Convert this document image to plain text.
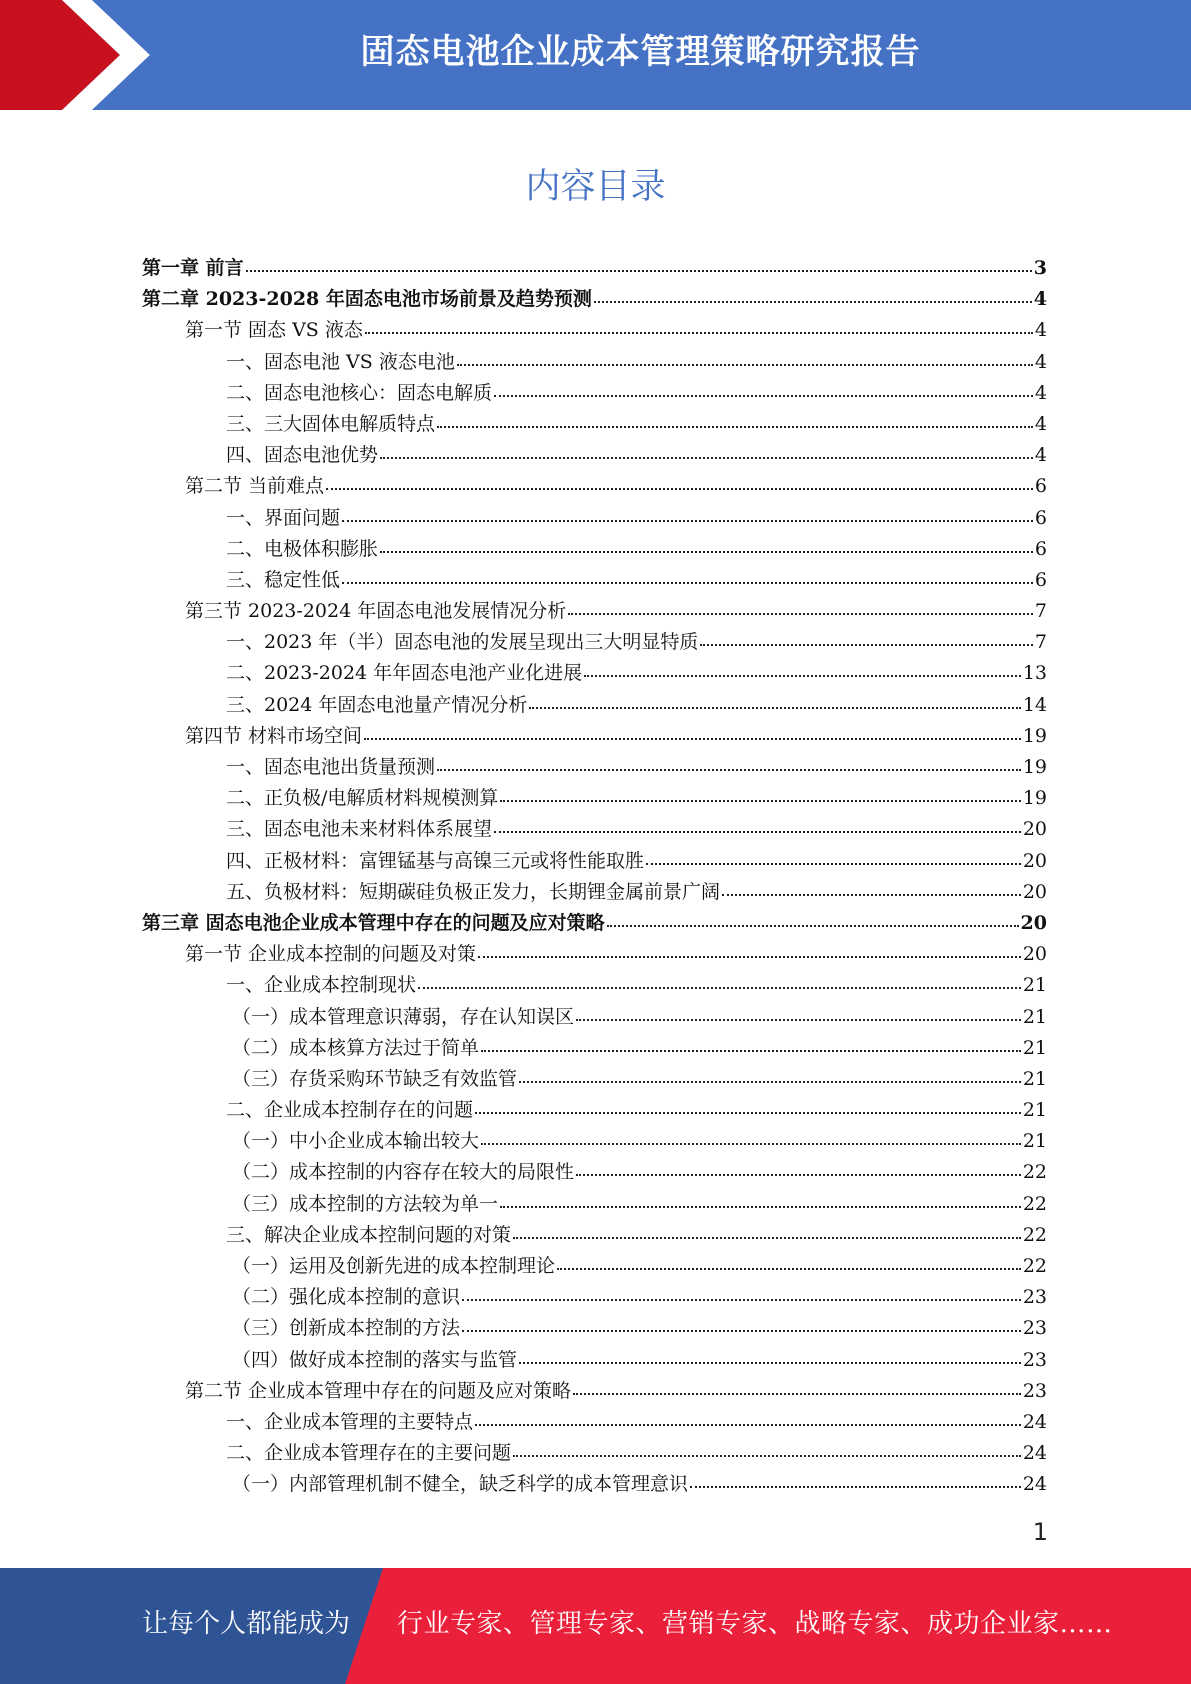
固态电池企业成本管理策略研究报告
内容目录
第一章 前言	3
第二章 2023-2028 年固态电池市场前景及趋势预测	4
第一节 固态 VS 液态	4
一、固态电池 VS 液态电池	4
二、固态电池核心：固态电解质	4
三、三大固体电解质特点	4
四、固态电池优势	4
第二节 当前难点	6
一、界面问题	6
二、电极体积膨胀	6
三、稳定性低	6
第三节 2023-2024 年固态电池发展情况分析	7
一、2023 年（半）固态电池的发展呈现出三大明显特质	7
二、2023-2024 年年固态电池产业化进展	13
三、2024 年固态电池量产情况分析	14
第四节 材料市场空间	19
一、固态电池出货量预测	19
二、正负极/电解质材料规模测算	19
三、固态电池未来材料体系展望	20
四、正极材料：富锂锰基与高镍三元或将性能取胜	20
五、负极材料：短期碳硅负极正发力，长期锂金属前景广阔	20
第三章 固态电池企业成本管理中存在的问题及应对策略	20
第一节 企业成本控制的问题及对策	20
一、企业成本控制现状	21
（一）成本管理意识薄弱，存在认知误区	21
（二）成本核算方法过于简单	21
（三）存货采购环节缺乏有效监管	21
二、企业成本控制存在的问题	21
（一）中小企业成本输出较大	21
（二）成本控制的内容存在较大的局限性	22
（三）成本控制的方法较为单一	22
三、解决企业成本控制问题的对策	22
（一）运用及创新先进的成本控制理论	22
（二）强化成本控制的意识	23
（三）创新成本控制的方法	23
（四）做好成本控制的落实与监管	23
第二节 企业成本管理中存在的问题及应对策略	23
一、企业成本管理的主要特点	24
二、企业成本管理存在的主要问题	24
（一）内部管理机制不健全，缺乏科学的成本管理意识	24
1
让每个人都能成为 行业专家、管理专家、营销专家、战略专家、成功企业家……
